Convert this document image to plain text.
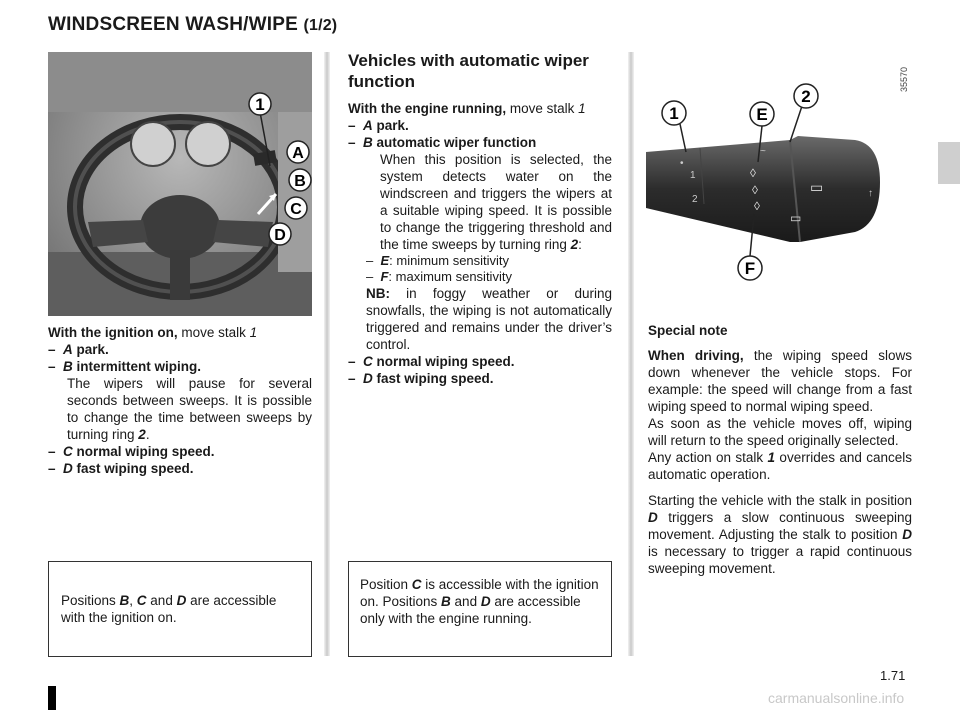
WINDSCREEN WASH/WIPE (1/2)
1
A
B
C
D

With the ignition on, move stalk 1

– A park.

– B intermittent wiping.

The wipers will pause for several seconds between sweeps. It is possible to change the time between sweeps by turning ring 2.

– C normal wiping speed.

– D fast wiping speed.

Positions B, C and D are accessible with the ignition on.

Vehicles with automatic wiper function

With the engine running, move stalk 1

– A park.

– B automatic wiper function

When this position is selected, the system detects water on the windscreen and triggers the wipers at a suitable wiping speed. It is possible to change the triggering threshold and the time sweeps by turning ring 2:

– E: minimum sensitivity

– F: maximum sensitivity

NB: in foggy weather or during snowfalls, the wiping is not automatically triggered and remains under the driver’s control.

– C normal wiping speed.

– D fast wiping speed.

Position C is accessible with the ignition on. Positions B and D are accessible only with the engine running.
35570
•
1
2
~
◊
◊
◊
▭
▭
↑
1	E
2
F

Special note

When driving, the wiping speed slows down whenever the vehicle stops. For example: the speed will change from a fast wiping speed to normal wiping speed.

As soon as the vehicle moves off, wiping will return to the speed originally selected.

Any action on stalk 1 overrides and cancels automatic operation.

Starting the vehicle with the stalk in position D triggers a slow continuous sweeping movement. Adjusting the stalk to position D is necessary to trigger a rapid continuous sweeping movement.

1.71
carmanualsonline.info
